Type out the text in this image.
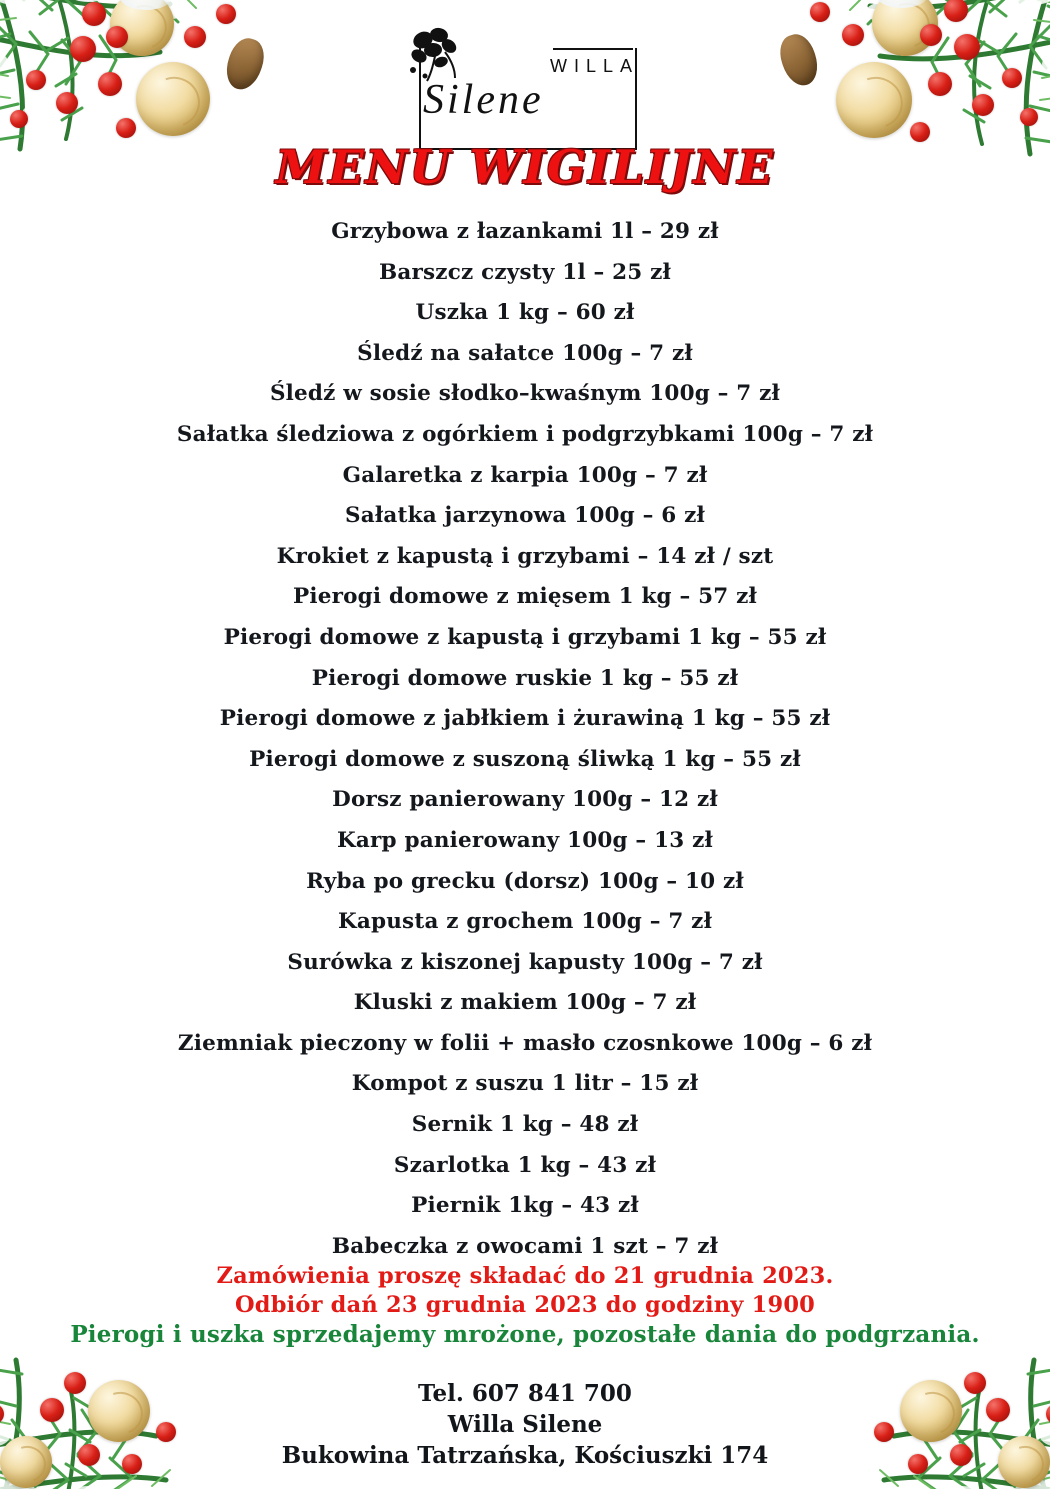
WILLA
Silene
MENU WIGILIJNE
Grzybowa z łazankami 1l – 29 zł
Barszcz czysty 1l – 25 zł
Uszka 1 kg – 60 zł
Śledź na sałatce 100g – 7 zł
Śledź w sosie słodko–kwaśnym 100g – 7 zł
Sałatka śledziowa z ogórkiem i podgrzybkami 100g – 7 zł
Galaretka z karpia 100g – 7 zł
Sałatka jarzynowa 100g – 6 zł
Krokiet z kapustą i grzybami – 14 zł / szt
Pierogi domowe z mięsem 1 kg – 57 zł
Pierogi domowe z kapustą i grzybami 1 kg – 55 zł
Pierogi domowe ruskie 1 kg – 55 zł
Pierogi domowe z jabłkiem i żurawiną 1 kg – 55 zł
Pierogi domowe z suszoną śliwką 1 kg – 55 zł
Dorsz panierowany 100g – 12 zł
Karp panierowany 100g – 13 zł
Ryba po grecku (dorsz) 100g – 10 zł
Kapusta z grochem 100g – 7 zł
Surówka z kiszonej kapusty 100g – 7 zł
Kluski z makiem 100g – 7 zł
Ziemniak pieczony w folii + masło czosnkowe 100g – 6 zł
Kompot z suszu 1 litr – 15 zł
Sernik 1 kg – 48 zł
Szarlotka 1 kg – 43 zł
Piernik 1kg – 43 zł
Babeczka z owocami 1 szt – 7 zł
Zamówienia proszę składać do 21 grudnia 2023.
Odbiór dań 23 grudnia 2023 do godziny 1900
Pierogi i uszka sprzedajemy mrożone, pozostałe dania do podgrzania.
Tel. 607 841 700
Willa Silene
Bukowina Tatrzańska, Kościuszki 174
